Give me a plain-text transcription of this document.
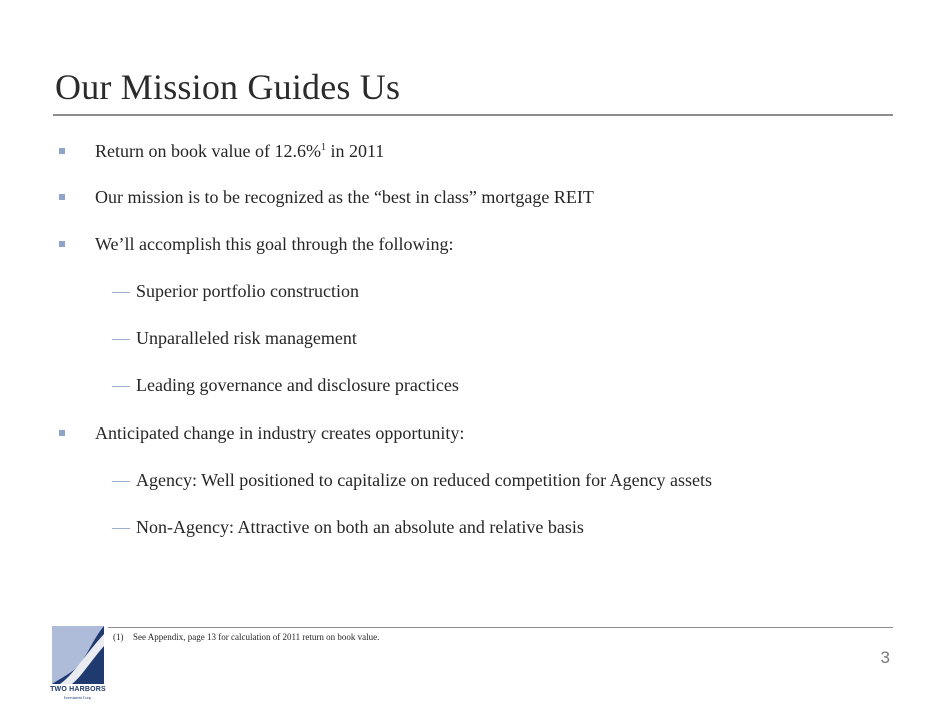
Our Mission Guides Us
Return on book value of 12.6%$^1$ in 2011
Our mission is to be recognized as the “best in class” mortgage REIT
We’ll accomplish this goal through the following:
— Superior portfolio construction
— Unparalleled risk management
— Leading governance and disclosure practices
Anticipated change in industry creates opportunity:
— Agency: Well positioned to capitalize on reduced competition for Agency assets
— Non-Agency: Attractive on both an absolute and relative basis
(1) See Appendix, page 13 for calculation of 2011 return on book value.
3
TWO HARBORS
Investment Corp.
